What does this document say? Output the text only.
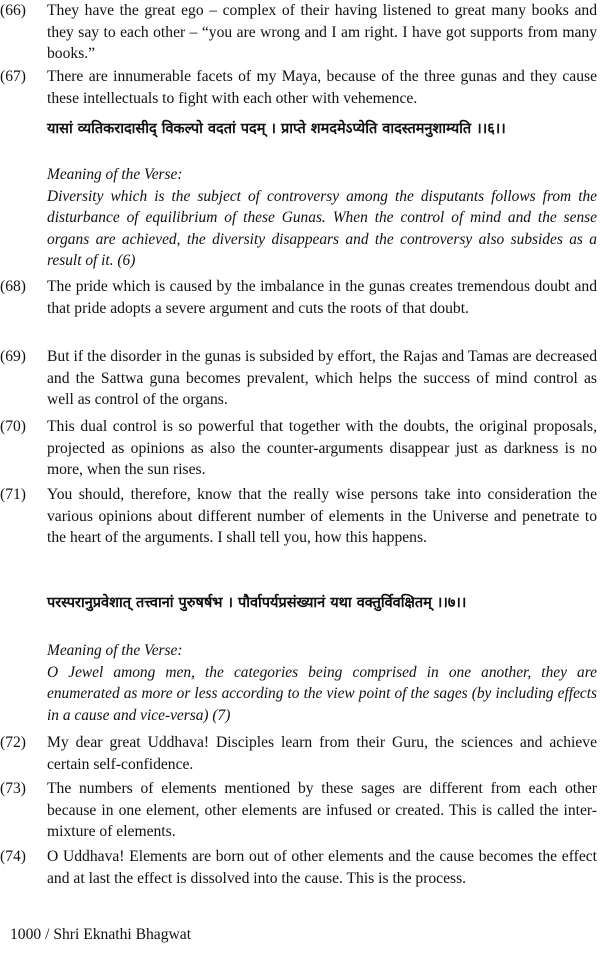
(66)	They have the great ego – complex of their having listened to great many books and they say to each other – “you are wrong and I am right. I have got supports from many books.”
(67)	There are innumerable facets of my Maya, because of the three gunas and they cause these intellectuals to fight with each other with vehemence.
यासां व्यतिकरादासीद् विकल्पो वदतां पदम् । प्राप्ते शमदमेऽप्येति वादस्तमनुशाम्यति ।।६।।
Meaning of the Verse:
Diversity which is the subject of controversy among the disputants follows from the disturbance of equilibrium of these Gunas. When the control of mind and the sense organs are achieved, the diversity disappears and the controversy also subsides as a result of it. (6)
(68)	The pride which is caused by the imbalance in the gunas creates tremendous doubt and that pride adopts a severe argument and cuts the roots of that doubt.
(69)	But if the disorder in the gunas is subsided by effort, the Rajas and Tamas are decreased and the Sattwa guna becomes prevalent, which helps the success of mind control as well as control of the organs.
(70)	This dual control is so powerful that together with the doubts, the original proposals, projected as opinions as also the counter-arguments disappear just as darkness is no more, when the sun rises.
(71)	You should, therefore, know that the really wise persons take into consideration the various opinions about different number of elements in the Universe and penetrate to the heart of the arguments. I shall tell you, how this happens.
परस्परानुप्रवेशात् तत्त्वानां पुरुषर्षभ । पौर्वापर्यप्रसंख्यानं यथा वक्तुर्विवक्षितम् ।।७।।
Meaning of the Verse:
O Jewel among men, the categories being comprised in one another, they are enumerated as more or less according to the view point of the sages (by including effects in a cause and vice-versa) (7)
(72)	My dear great Uddhava! Disciples learn from their Guru, the sciences and achieve certain self-confidence.
(73)	The numbers of elements mentioned by these sages are different from each other because in one element, other elements are infused or created. This is called the inter-mixture of elements.
(74)	O Uddhava! Elements are born out of other elements and the cause becomes the effect and at last the effect is dissolved into the cause. This is the process.
1000 / Shri Eknathi Bhagwat
